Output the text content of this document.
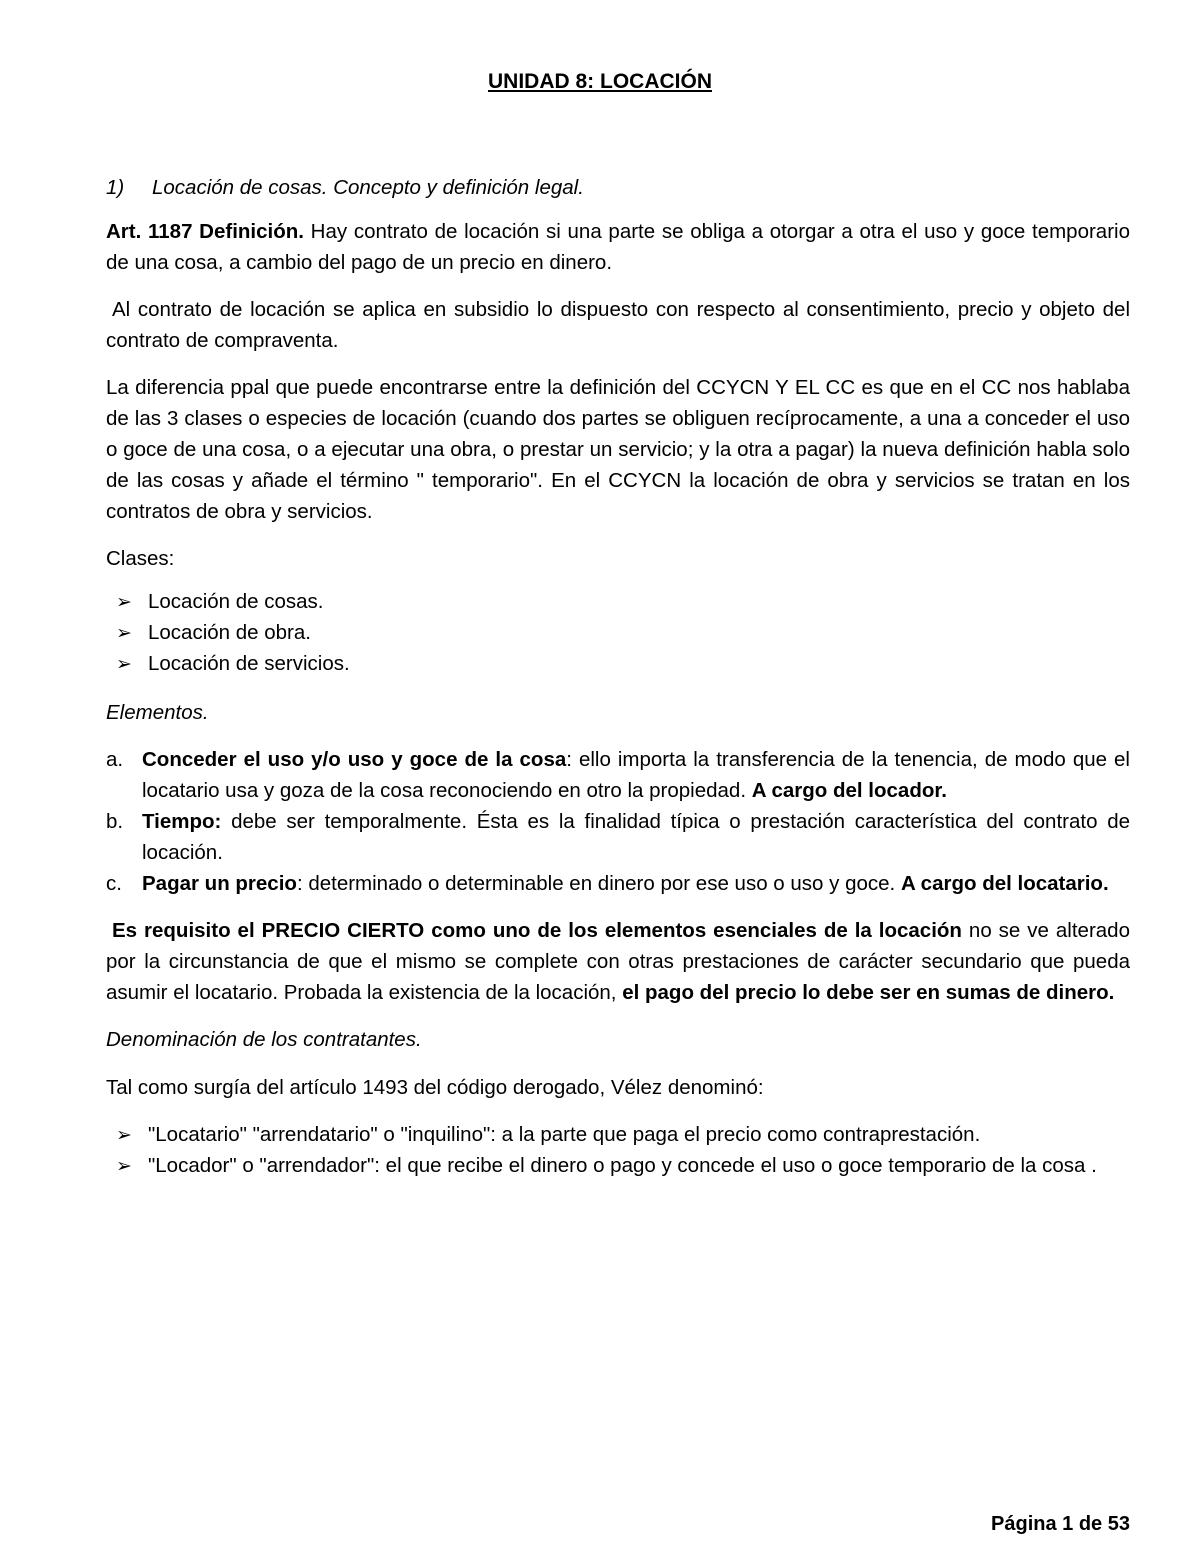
UNIDAD 8: LOCACIÓN
1)	Locación de cosas. Concepto y definición legal.

Art. 1187 Definición. Hay contrato de locación si una parte se obliga a otorgar a otra el uso y goce temporario de una cosa, a cambio del pago de un precio en dinero.

Al contrato de locación se aplica en subsidio lo dispuesto con respecto al consentimiento, precio y objeto del contrato de compraventa.

La diferencia ppal que puede encontrarse entre la definición del CCYCN Y EL CC es que en el CC nos hablaba de las 3 clases o especies de locación (cuando dos partes se obliguen recíprocamente, a una a conceder el uso o goce de una cosa, o a ejecutar una obra, o prestar un servicio; y la otra a pagar) la nueva definición habla solo de las cosas y añade el término " temporario". En el CCYCN la locación de obra y servicios se tratan en los contratos de obra y servicios.

Clases:

➢ Locación de cosas.
➢ Locación de obra.
➢ Locación de servicios.

Elementos.

a. Conceder el uso y/o uso y goce de la cosa: ello importa la transferencia de la tenencia, de modo que el locatario usa y goza de la cosa reconociendo en otro la propiedad. A cargo del locador.
b. Tiempo: debe ser temporalmente. Ésta es la finalidad típica o prestación característica del contrato de locación.
c. Pagar un precio: determinado o determinable en dinero por ese uso o uso y goce. A cargo del locatario.

Es requisito el PRECIO CIERTO como uno de los elementos esenciales de la locación no se ve alterado por la circunstancia de que el mismo se complete con otras prestaciones de carácter secundario que pueda asumir el locatario. Probada la existencia de la locación, el pago del precio lo debe ser en sumas de dinero.

Denominación de los contratantes.

Tal como surgía del artículo 1493 del código derogado, Vélez denominó:

➢ "Locatario" "arrendatario" o "inquilino": a la parte que paga el precio como contraprestación.
➢ "Locador" o "arrendador": el que recibe el dinero o pago y concede el uso o goce temporario de la cosa .
Página 1 de 53
